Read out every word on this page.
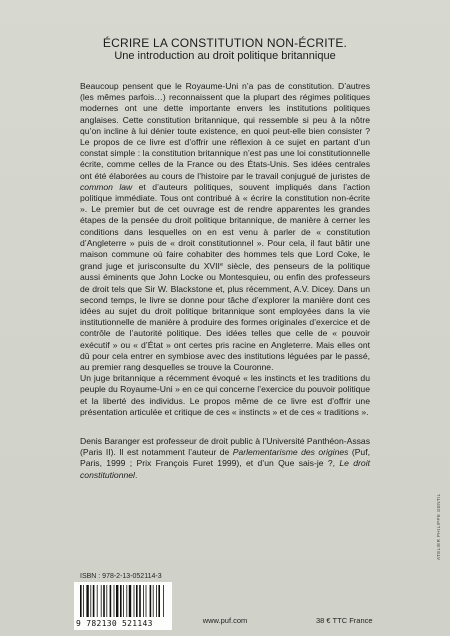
ÉCRIRE LA CONSTITUTION NON-ÉCRITE.
Une introduction au droit politique britannique

Beaucoup pensent que le Royaume-Uni n’a pas de constitution. D’autres (les mêmes parfois…) reconnaissent que la plupart des régimes politiques modernes ont une dette importante envers les institutions politiques anglaises. Cette constitution britannique, qui ressemble si peu à la nôtre qu’on incline à lui dénier toute existence, en quoi peut-elle bien consister ? Le propos de ce livre est d’offrir une réflexion à ce sujet en partant d’un constat simple : la constitution britannique n’est pas une loi constitutionnelle écrite, comme celles de la France ou des États-Unis. Ses idées centrales ont été élaborées au cours de l’histoire par le travail conjugué de juristes de common law et d’auteurs politiques, souvent impliqués dans l’action politique immédiate. Tous ont contribué à « écrire la constitution non-écrite ». Le premier but de cet ouvrage est de rendre apparentes les grandes étapes de la pensée du droit politique britannique, de manière à cerner les conditions dans lesquelles on en est venu à parler de « constitution d’Angleterre » puis de « droit constitutionnel ». Pour cela, il faut bâtir une maison commune où faire cohabiter des hommes tels que Lord Coke, le grand juge et jurisconsulte du XVIIe siècle, des penseurs de la politique aussi éminents que John Locke ou Montesquieu, ou enfin des professeurs de droit tels que Sir W. Blackstone et, plus récemment, A.V. Dicey. Dans un second temps, le livre se donne pour tâche d’explorer la manière dont ces idées au sujet du droit politique britannique sont employées dans la vie institutionnelle de manière à produire des formes originales d’exercice et de contrôle de l’autorité politique. Des idées telles que celle de « pouvoir exécutif » ou « d’État » ont certes pris racine en Angleterre. Mais elles ont dû pour cela entrer en symbiose avec des institutions léguées par le passé, au premier rang desquelles se trouve la Couronne.

Un juge britannique a récemment évoqué « les instincts et les traditions du peuple du Royaume-Uni » en ce qui concerne l’exercice du pouvoir politique et la liberté des individus. Le propos même de ce livre est d’offrir une présentation articulée et critique de ces « instincts » et de ces « traditions ».

Denis Baranger est professeur de droit public à l’Université Panthéon-Assas (Paris II). Il est notamment l’auteur de Parlementarisme des origines (Puf, Paris, 1999 ; Prix François Furet 1999), et d’un Que sais-je ?, Le droit constitutionnel.

ISBN : 978-2-13-052114-3
9 782130 521143	www.puf.com	38 € TTC France
ATELIER PHILIPPE GENTIL
